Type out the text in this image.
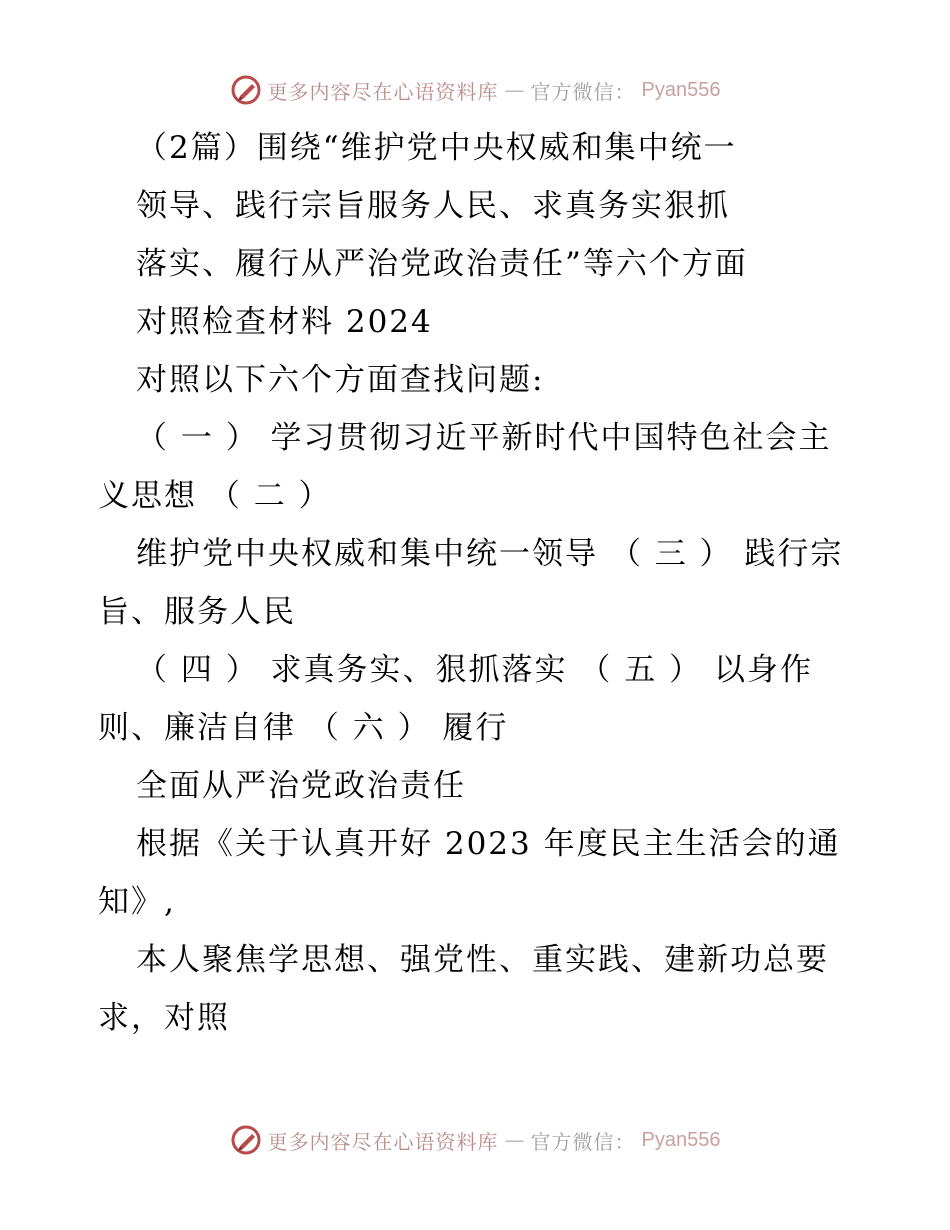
更多内容尽在心语资料库 — 官方微信： Pyan556
（2篇）围绕“维护党中央权威和集中统一
领导、践行宗旨服务人民、求真务实狠抓
落实、履行从严治党政治责任”等六个方面
对照检查材料 2024
对照以下六个方面查找问题:
（ 一 ） 学习贯彻习近平新时代中国特色社会主
义思想 （ 二 ）
维护党中央权威和集中统一领导 （ 三 ） 践行宗
旨、服务人民
（ 四 ） 求真务实、狠抓落实 （ 五 ） 以身作
则、廉洁自律 （ 六 ） 履行
全面从严治党政治责任
根据《关于认真开好 2023 年度民主生活会的通
知》,
本人聚焦学思想、强党性、重实践、建新功总要
求，对照
更多内容尽在心语资料库 — 官方微信： Pyan556
